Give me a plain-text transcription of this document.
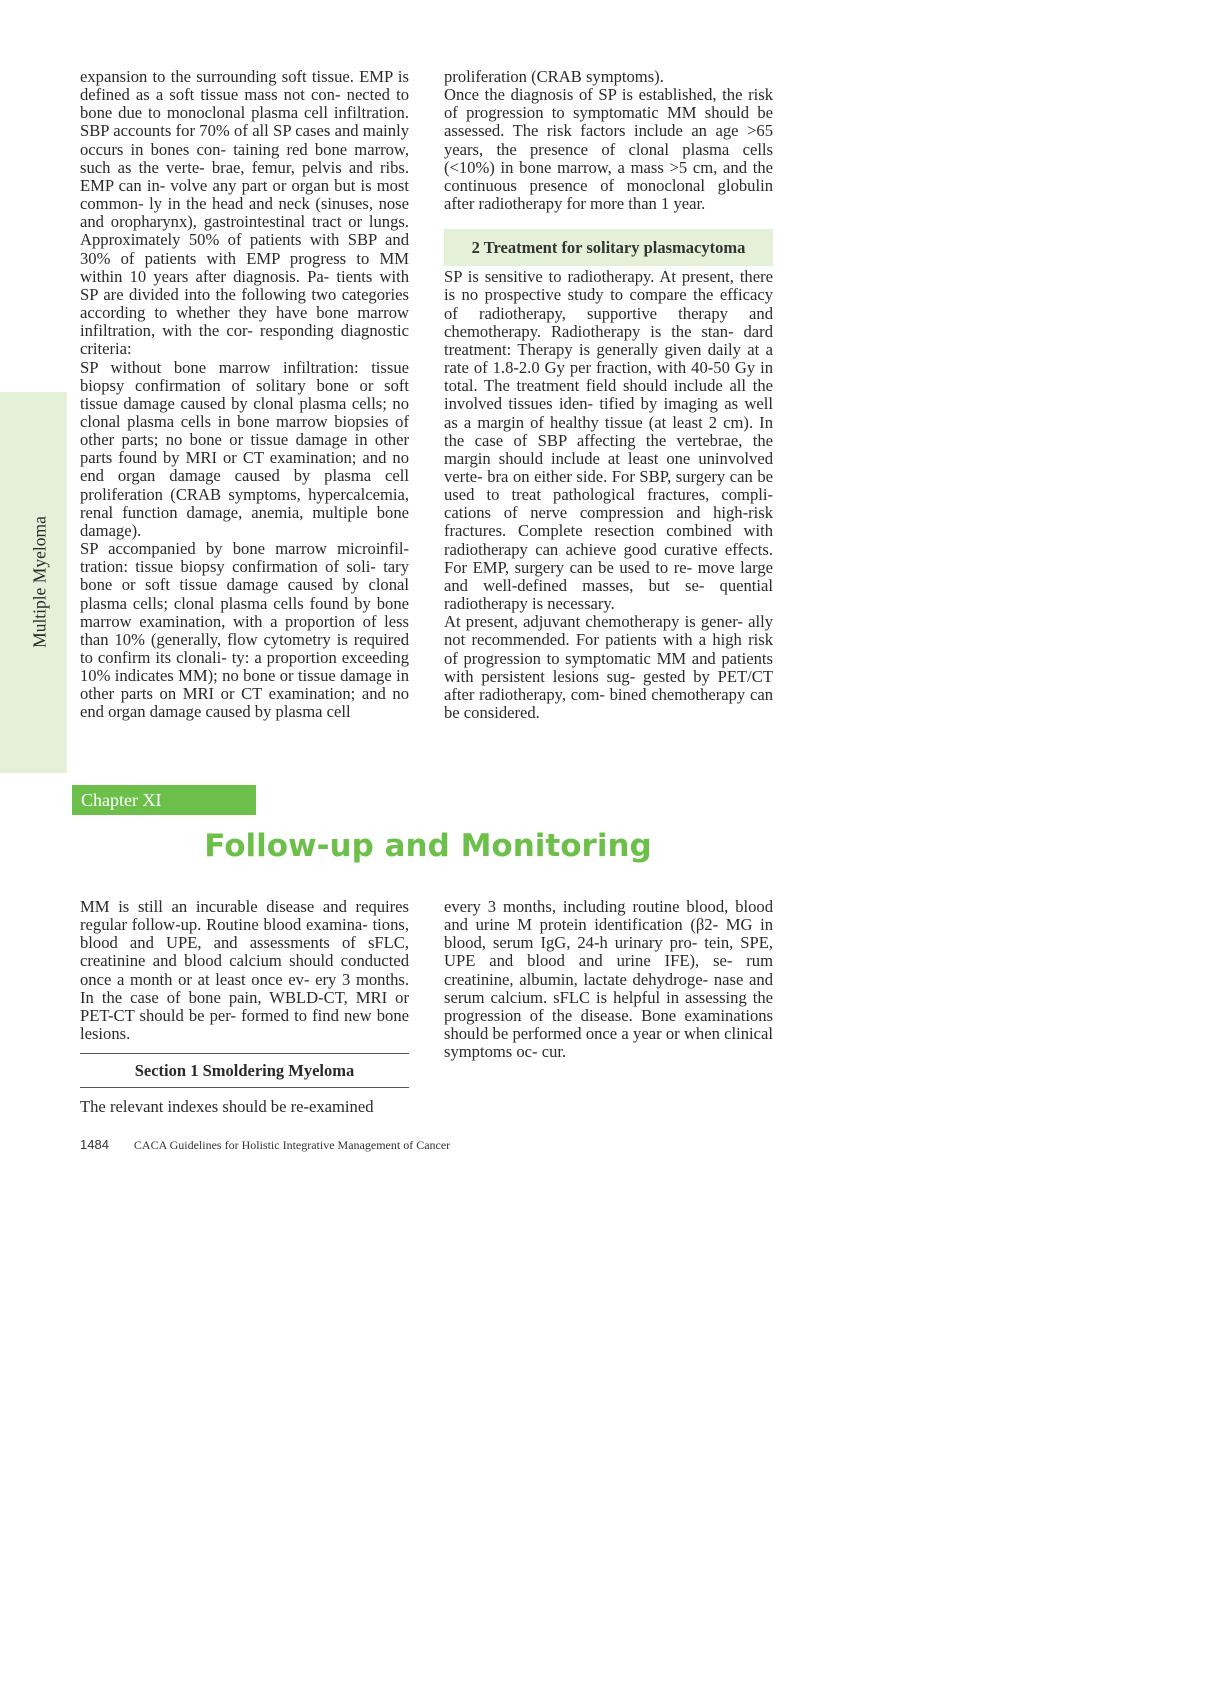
Multiple Myeloma

expansion to the surrounding soft tissue. EMP is defined as a soft tissue mass not con- nected to bone due to monoclonal plasma cell infiltration. SBP accounts for 70% of all SP cases and mainly occurs in bones con- taining red bone marrow, such as the verte- brae, femur, pelvis and ribs. EMP can in- volve any part or organ but is most common- ly in the head and neck (sinuses, nose and oropharynx), gastrointestinal tract or lungs. Approximately 50% of patients with SBP and 30% of patients with EMP progress to MM within 10 years after diagnosis. Pa- tients with SP are divided into the following two categories according to whether they have bone marrow infiltration, with the cor- responding diagnostic criteria:

SP without bone marrow infiltration: tissue biopsy confirmation of solitary bone or soft tissue damage caused by clonal plasma cells; no clonal plasma cells in bone marrow biopsies of other parts; no bone or tissue damage in other parts found by MRI or CT examination; and no end organ damage caused by plasma cell proliferation (CRAB symptoms, hypercalcemia, renal function damage, anemia, multiple bone damage).

SP accompanied by bone marrow microinfil- tration: tissue biopsy confirmation of soli- tary bone or soft tissue damage caused by clonal plasma cells; clonal plasma cells found by bone marrow examination, with a proportion of less than 10% (generally, flow cytometry is required to confirm its clonali- ty: a proportion exceeding 10% indicates MM); no bone or tissue damage in other parts on MRI or CT examination; and no end organ damage caused by plasma cell

proliferation (CRAB symptoms).

Once the diagnosis of SP is established, the risk of progression to symptomatic MM should be assessed. The risk factors include an age >65 years, the presence of clonal plasma cells (<10%) in bone marrow, a mass >5 cm, and the continuous presence of monoclonal globulin after radiotherapy for more than 1 year.

2 Treatment for solitary plasmacytoma

SP is sensitive to radiotherapy. At present, there is no prospective study to compare the efficacy of radiotherapy, supportive therapy and chemotherapy. Radiotherapy is the stan- dard treatment: Therapy is generally given daily at a rate of 1.8-2.0 Gy per fraction, with 40-50 Gy in total. The treatment field should include all the involved tissues iden- tified by imaging as well as a margin of healthy tissue (at least 2 cm). In the case of SBP affecting the vertebrae, the margin should include at least one uninvolved verte- bra on either side. For SBP, surgery can be used to treat pathological fractures, compli- cations of nerve compression and high-risk fractures. Complete resection combined with radiotherapy can achieve good curative effects. For EMP, surgery can be used to re- move large and well-defined masses, but se- quential radiotherapy is necessary.

At present, adjuvant chemotherapy is gener- ally not recommended. For patients with a high risk of progression to symptomatic MM and patients with persistent lesions sug- gested by PET/CT after radiotherapy, com- bined chemotherapy can be considered.

Chapter XI
Follow-up and Monitoring

MM is still an incurable disease and requires regular follow-up. Routine blood examina- tions, blood and UPE, and assessments of sFLC, creatinine and blood calcium should conducted once a month or at least once ev- ery 3 months. In the case of bone pain, WBLD-CT, MRI or PET-CT should be per- formed to find new bone lesions.

Section 1 Smoldering Myeloma

The relevant indexes should be re-examined

every 3 months, including routine blood, blood and urine M protein identification (β2- MG in blood, serum IgG, 24-h urinary pro- tein, SPE, UPE and blood and urine IFE), se- rum creatinine, albumin, lactate dehydroge- nase and serum calcium. sFLC is helpful in assessing the progression of the disease. Bone examinations should be performed once a year or when clinical symptoms oc- cur.

1484 CACA Guidelines for Holistic Integrative Management of Cancer
